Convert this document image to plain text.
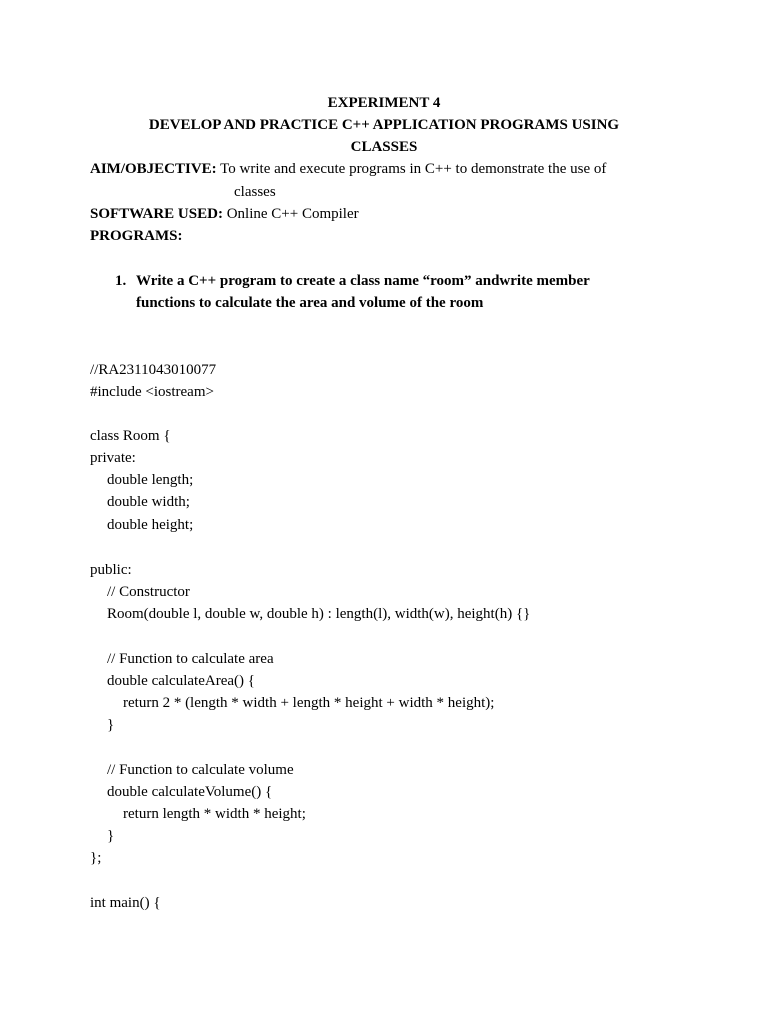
EXPERIMENT 4
DEVELOP AND PRACTICE C++ APPLICATION PROGRAMS USING
CLASSES
AIM/OBJECTIVE: To write and execute programs in C++ to demonstrate the use of
classes
SOFTWARE USED: Online C++ Compiler
PROGRAMS:
1. Write a C++ program to create a class name “room” andwrite member
functions to calculate the area and volume of the room
//RA2311043010077
#include <iostream>
class Room {
private:
double length;
double width;
double height;
public:
// Constructor
Room(double l, double w, double h) : length(l), width(w), height(h) {}
// Function to calculate area
double calculateArea() {
return 2 * (length * width + length * height + width * height);
}
// Function to calculate volume
double calculateVolume() {
return length * width * height;
}
};
int main() {
